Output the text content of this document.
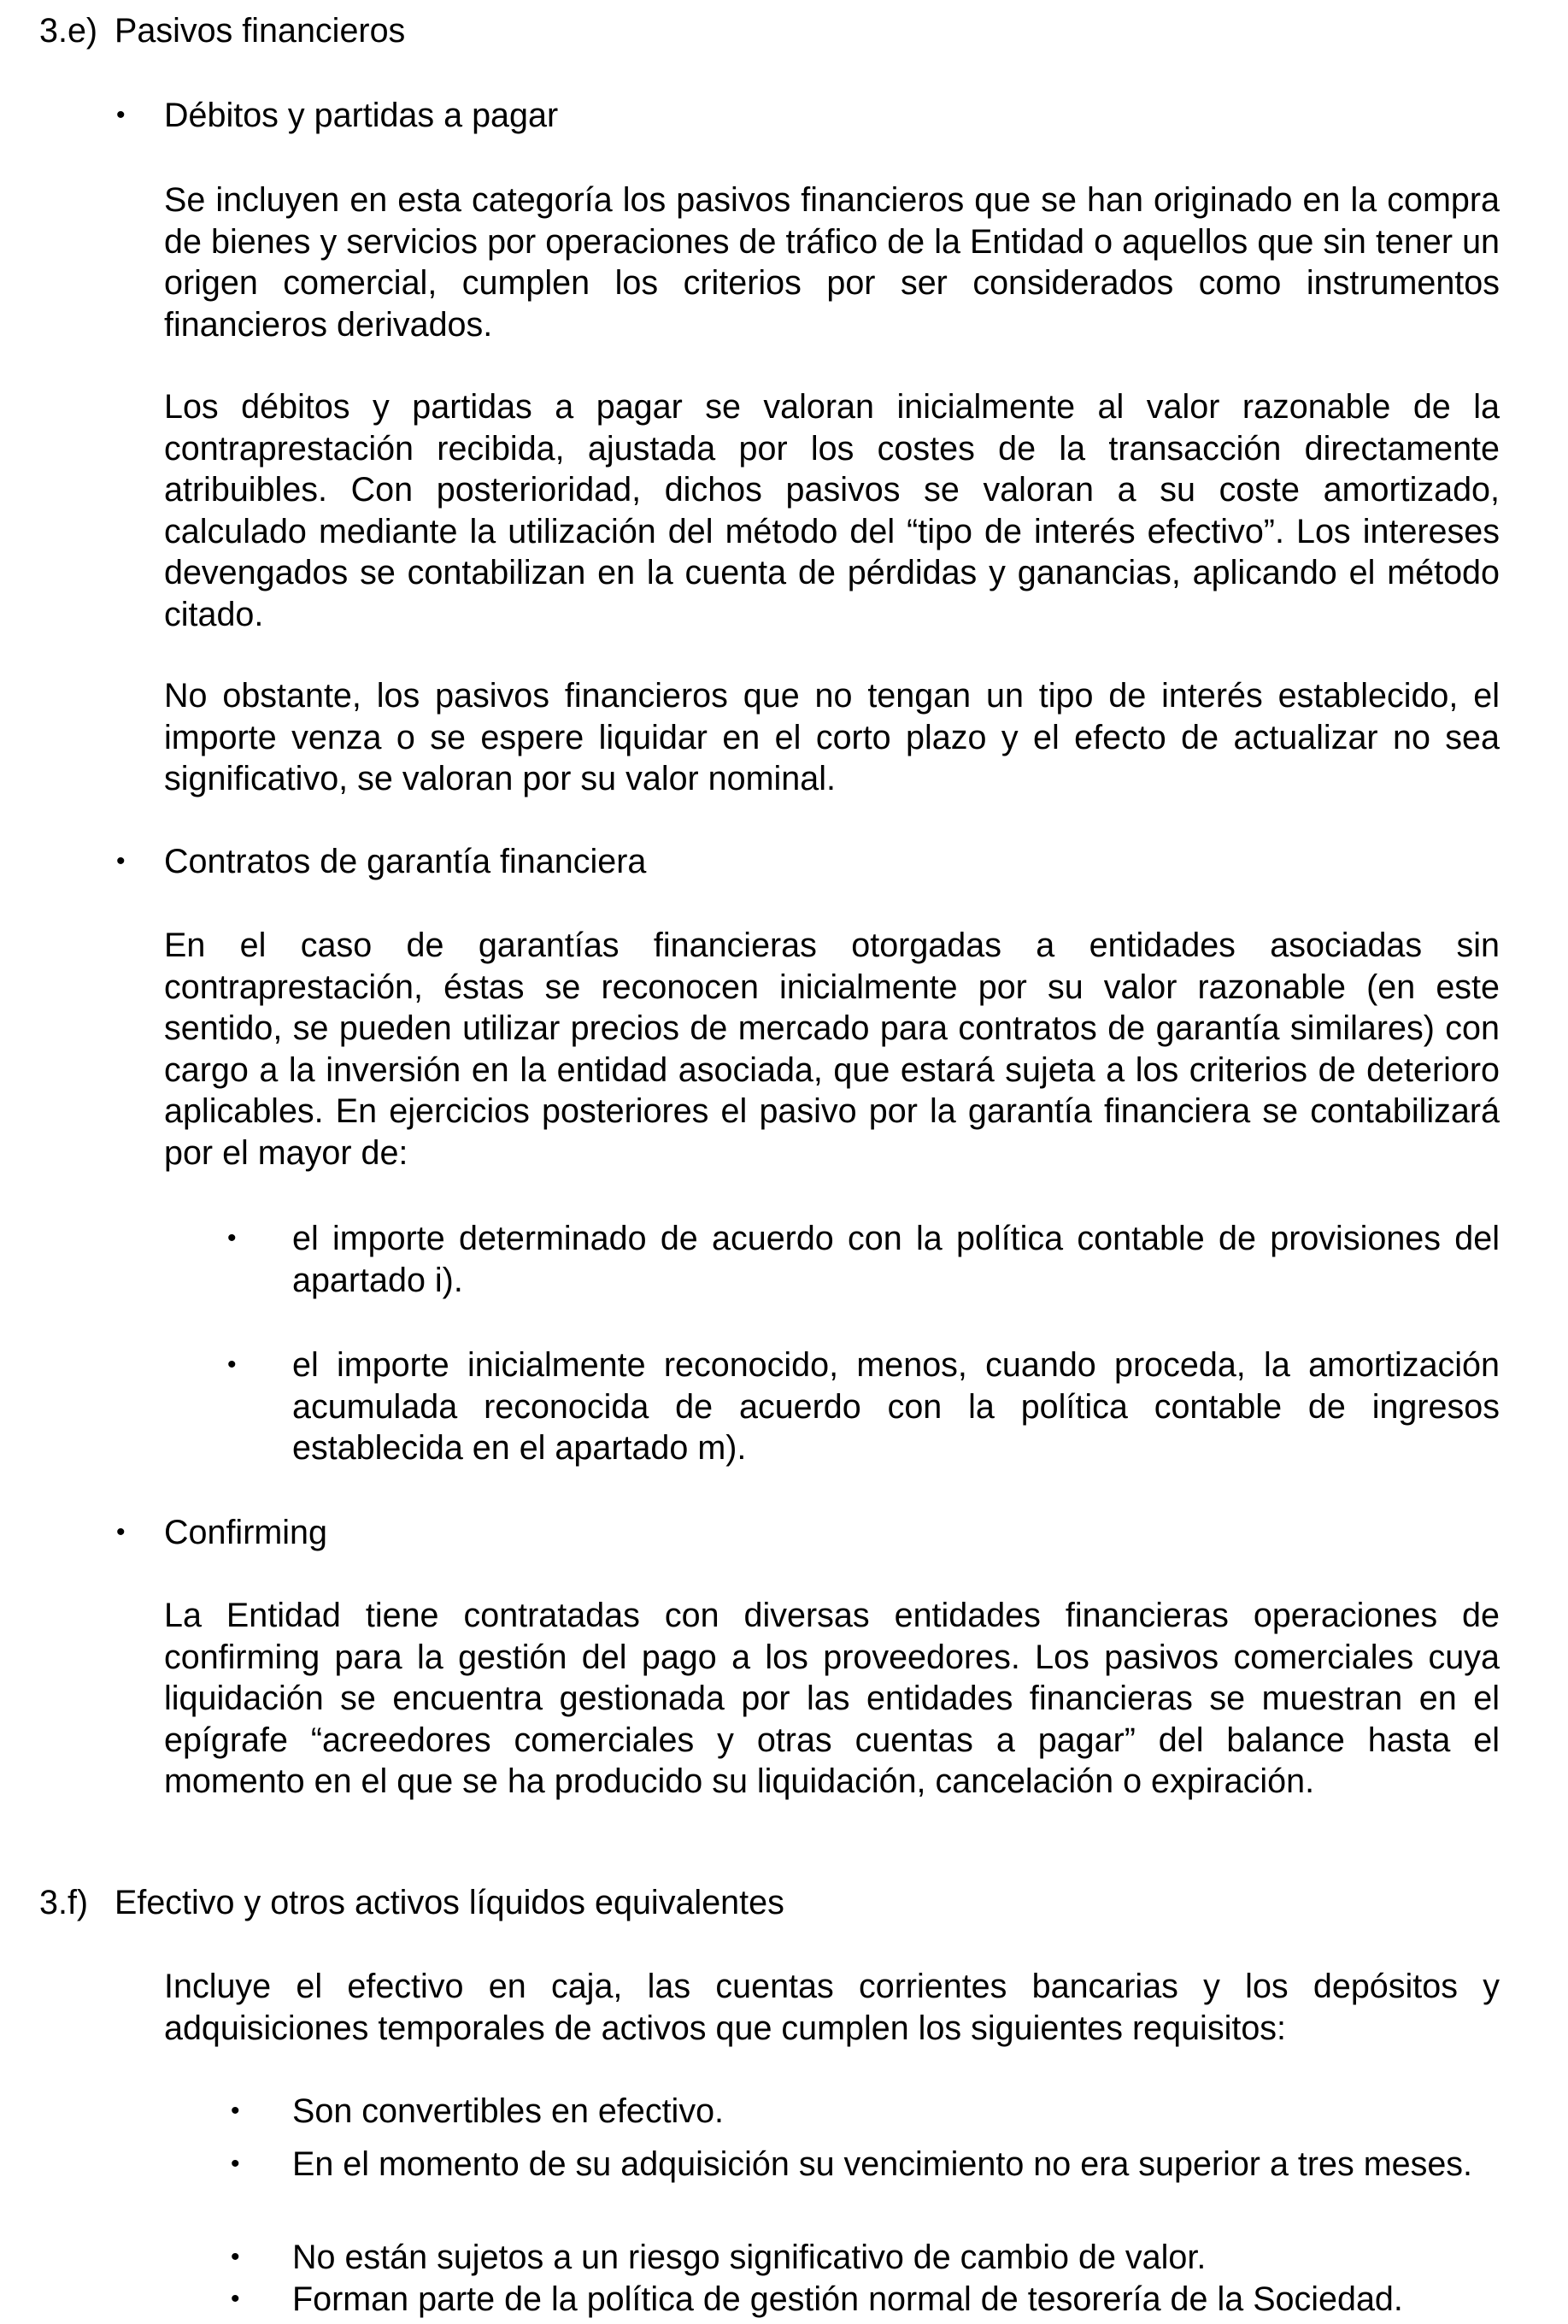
3.e) Pasivos financieros
• Débitos y partidas a pagar
Se incluyen en esta categoría los pasivos financieros que se han originado en la compra de bienes y servicios por operaciones de tráfico de la Entidad o aquellos que sin tener un origen comercial, cumplen los criterios por ser considerados como instrumentos financieros derivados.
Los débitos y partidas a pagar se valoran inicialmente al valor razonable de la contraprestación recibida, ajustada por los costes de la transacción directamente atribuibles. Con posterioridad, dichos pasivos se valoran a su coste amortizado, calculado mediante la utilización del método del “tipo de interés efectivo”. Los intereses devengados se contabilizan en la cuenta de pérdidas y ganancias, aplicando el método citado.
No obstante, los pasivos financieros que no tengan un tipo de interés establecido, el importe venza o se espere liquidar en el corto plazo y el efecto de actualizar no sea significativo, se valoran por su valor nominal.
• Contratos de garantía financiera
En el caso de garantías financieras otorgadas a entidades asociadas sin contraprestación, éstas se reconocen inicialmente por su valor razonable (en este sentido, se pueden utilizar precios de mercado para contratos de garantía similares) con cargo a la inversión en la entidad asociada, que estará sujeta a los criterios de deterioro aplicables. En ejercicios posteriores el pasivo por la garantía financiera se contabilizará por el mayor de:
• el importe determinado de acuerdo con la política contable de provisiones del apartado i).
• el importe inicialmente reconocido, menos, cuando proceda, la amortización acumulada reconocida de acuerdo con la política contable de ingresos establecida en el apartado m).
• Confirming
La Entidad tiene contratadas con diversas entidades financieras operaciones de confirming para la gestión del pago a los proveedores. Los pasivos comerciales cuya liquidación se encuentra gestionada por las entidades financieras se muestran en el epígrafe “acreedores comerciales y otras cuentas a pagar” del balance hasta el momento en el que se ha producido su liquidación, cancelación o expiración.
3.f) Efectivo y otros activos líquidos equivalentes
Incluye el efectivo en caja, las cuentas corrientes bancarias y los depósitos y adquisiciones temporales de activos que cumplen los siguientes requisitos:
• Son convertibles en efectivo.
• En el momento de su adquisición su vencimiento no era superior a tres meses.
• No están sujetos a un riesgo significativo de cambio de valor.
• Forman parte de la política de gestión normal de tesorería de la Sociedad.
